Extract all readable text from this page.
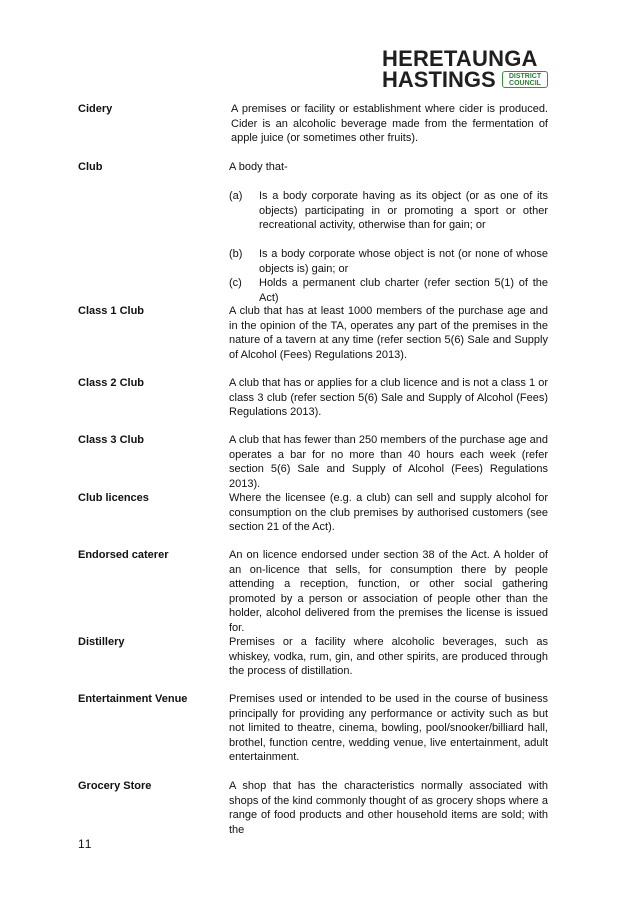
HERETAUNGA
HASTINGS	DISTRICT
COUNCIL
Cidery	A premises or facility or establishment where cider is produced. Cider is an alcoholic beverage made from the fermentation of apple juice (or sometimes other fruits).
Club	A body that-
(a) Is a body corporate having as its object (or as one of its objects) participating in or promoting a sport or other recreational activity, otherwise than for gain; or
(b) Is a body corporate whose object is not (or none of whose objects is) gain; or
(c) Holds a permanent club charter (refer section 5(1) of the Act)
Class 1 Club	A club that has at least 1000 members of the purchase age and in the opinion of the TA, operates any part of the premises in the nature of a tavern at any time (refer section 5(6) Sale and Supply of Alcohol (Fees) Regulations 2013).
Class 2 Club	A club that has or applies for a club licence and is not a class 1 or class 3 club (refer section 5(6) Sale and Supply of Alcohol (Fees) Regulations 2013).
Class 3 Club	A club that has fewer than 250 members of the purchase age and operates a bar for no more than 40 hours each week (refer section 5(6) Sale and Supply of Alcohol (Fees) Regulations 2013).
Club licences	Where the licensee (e.g. a club) can sell and supply alcohol for consumption on the club premises by authorised customers (see section 21 of the Act).
Endorsed caterer	An on licence endorsed under section 38 of the Act. A holder of an on-licence that sells, for consumption there by people attending a reception, function, or other social gathering promoted by a person or association of people other than the holder, alcohol delivered from the premises the license is issued for.
Distillery	Premises or a facility where alcoholic beverages, such as whiskey, vodka, rum, gin, and other spirits, are produced through the process of distillation.
Entertainment Venue	Premises used or intended to be used in the course of business principally for providing any performance or activity such as but not limited to theatre, cinema, bowling, pool/snooker/billiard hall, brothel, function centre, wedding venue, live entertainment, adult entertainment.
Grocery Store	A shop that has the characteristics normally associated with shops of the kind commonly thought of as grocery shops where a range of food products and other household items are sold; with the
11
